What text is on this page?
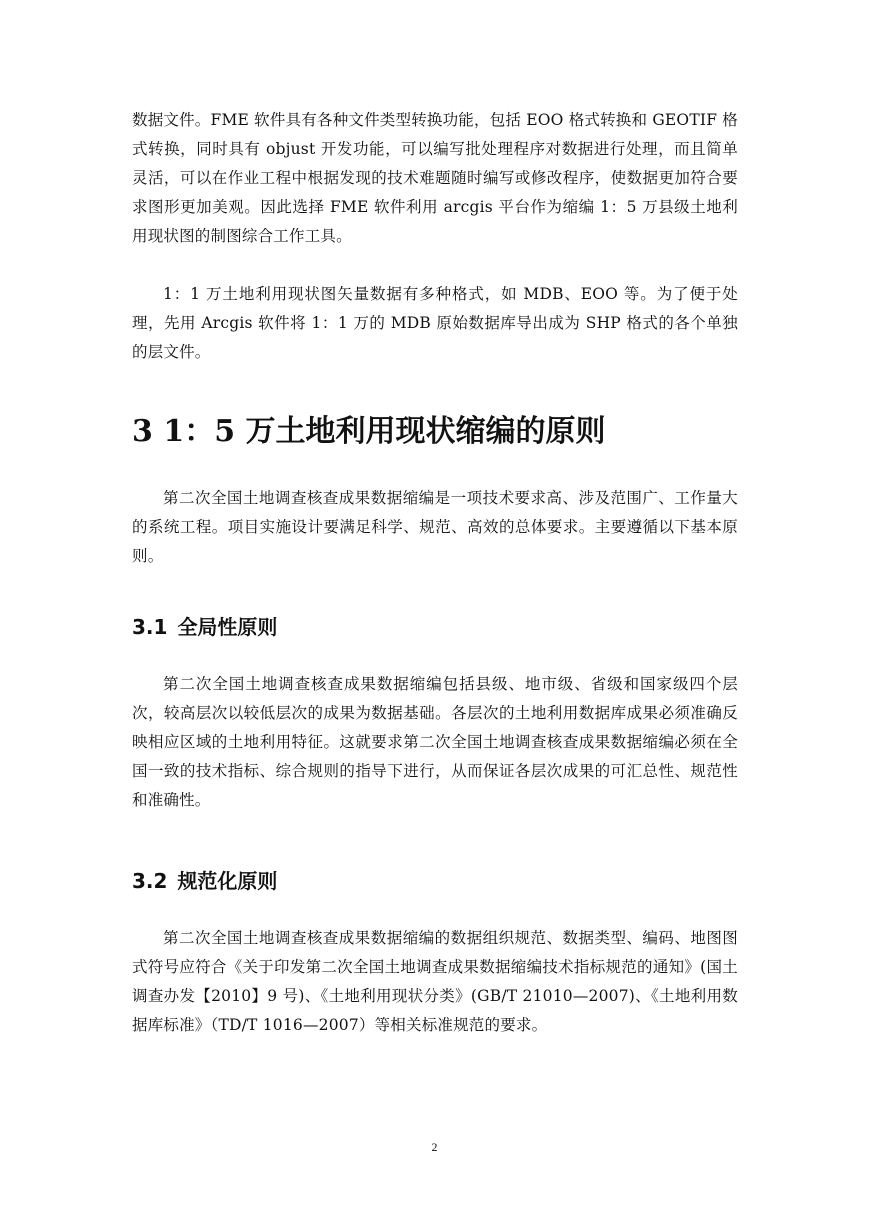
数据文件。FME 软件具有各种文件类型转换功能，包括 EOO 格式转换和 GEOTIF 格式转换，同时具有 objust 开发功能，可以编写批处理程序对数据进行处理，而且简单灵活，可以在作业工程中根据发现的技术难题随时编写或修改程序，使数据更加符合要求图形更加美观。因此选择 FME 软件利用 arcgis 平台作为缩编 1：5 万县级土地利用现状图的制图综合工作工具。

1：1 万土地利用现状图矢量数据有多种格式，如 MDB、EOO 等。为了便于处理，先用 Arcgis 软件将 1：1 万的 MDB 原始数据库导出成为 SHP 格式的各个单独的层文件。

3 1：5 万土地利用现状缩编的原则

第二次全国土地调查核查成果数据缩编是一项技术要求高、涉及范围广、工作量大的系统工程。项目实施设计要满足科学、规范、高效的总体要求。主要遵循以下基本原则。

3.1 全局性原则

第二次全国土地调查核查成果数据缩编包括县级、地市级、省级和国家级四个层次，较高层次以较低层次的成果为数据基础。各层次的土地利用数据库成果必须准确反映相应区域的土地利用特征。这就要求第二次全国土地调查核查成果数据缩编必须在全国一致的技术指标、综合规则的指导下进行，从而保证各层次成果的可汇总性、规范性和准确性。

3.2 规范化原则

第二次全国土地调查核查成果数据缩编的数据组织规范、数据类型、编码、地图图式符号应符合《关于印发第二次全国土地调查成果数据缩编技术指标规范的通知》(国土调查办发【2010】9 号)、《土地利用现状分类》(GB/T 21010—2007)、《土地利用数据库标准》（TD/T 1016—2007）等相关标准规范的要求。

2
